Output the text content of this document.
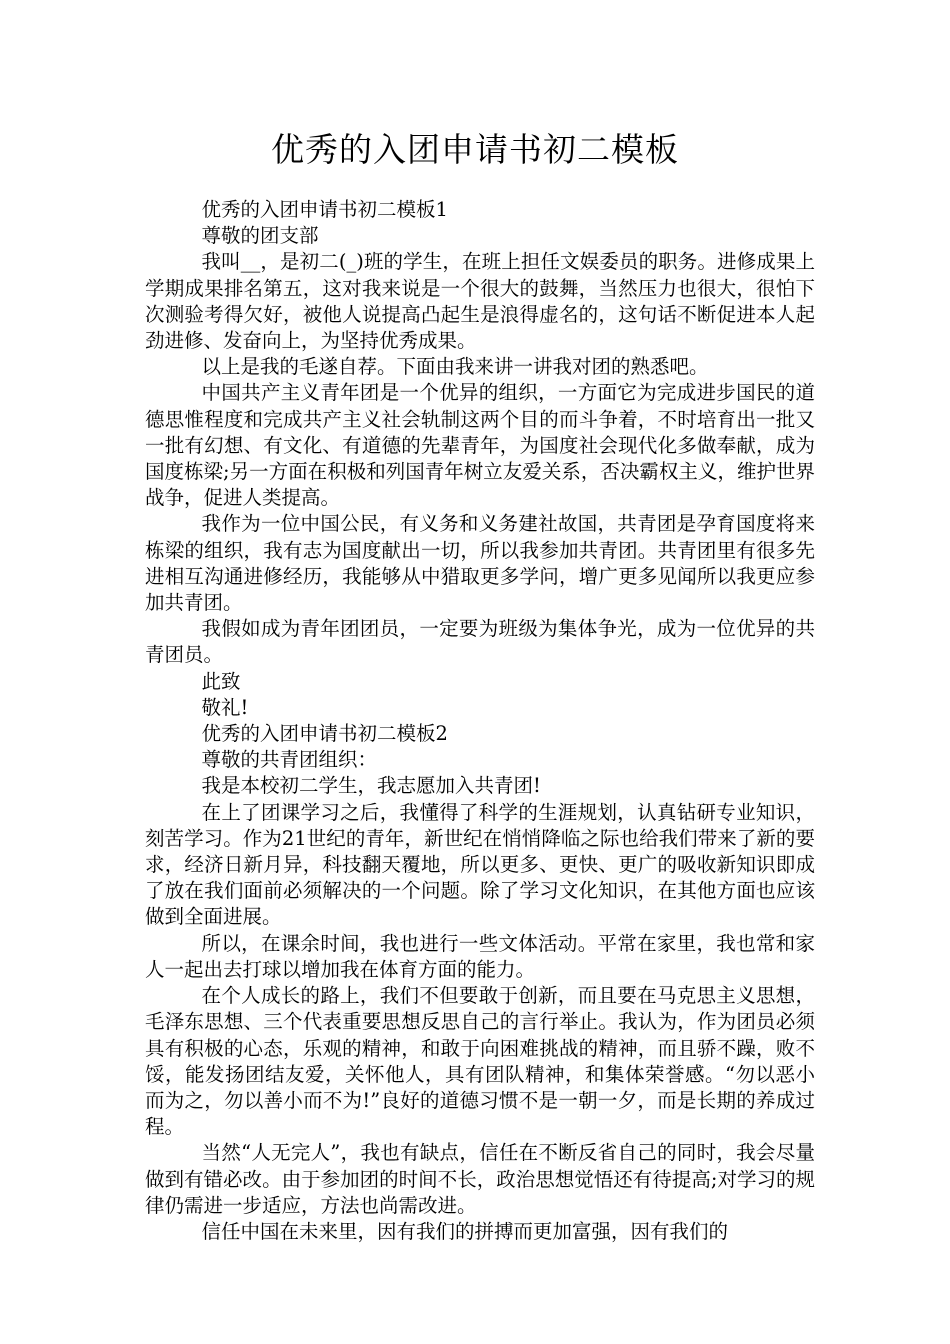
优秀的入团申请书初二模板

优秀的入团申请书初二模板1

尊敬的团支部

我叫__，是初二(_)班的学生，在班上担任文娱委员的职务。进修成果上学期成果排名第五，这对我来说是一个很大的鼓舞，当然压力也很大，很怕下次测验考得欠好，被他人说提高凸起生是浪得虚名的，这句话不断促进本人起劲进修、发奋向上，为坚持优秀成果。

以上是我的毛遂自荐。下面由我来讲一讲我对团的熟悉吧。

中国共产主义青年团是一个优异的组织，一方面它为完成进步国民的道德思惟程度和完成共产主义社会轨制这两个目的而斗争着，不时培育出一批又一批有幻想、有文化、有道德的先辈青年，为国度社会现代化多做奉献，成为国度栋梁;另一方面在积极和列国青年树立友爱关系，否决霸权主义，维护世界战争，促进人类提高。

我作为一位中国公民，有义务和义务建社故国，共青团是孕育国度将来栋梁的组织，我有志为国度献出一切，所以我参加共青团。共青团里有很多先进相互沟通进修经历，我能够从中猎取更多学问，增广更多见闻所以我更应参加共青团。

我假如成为青年团团员，一定要为班级为集体争光，成为一位优异的共青团员。

此致

敬礼!

优秀的入团申请书初二模板2

尊敬的共青团组织：

我是本校初二学生，我志愿加入共青团!

在上了团课学习之后，我懂得了科学的生涯规划，认真钻研专业知识，刻苦学习。作为21世纪的青年，新世纪在悄悄降临之际也给我们带来了新的要求，经济日新月异，科技翻天覆地，所以更多、更快、更广的吸收新知识即成了放在我们面前必须解决的一个问题。除了学习文化知识，在其他方面也应该做到全面进展。

所以，在课余时间，我也进行一些文体活动。平常在家里，我也常和家人一起出去打球以增加我在体育方面的能力。

在个人成长的路上，我们不但要敢于创新，而且要在马克思主义思想，毛泽东思想、三个代表重要思想反思自己的言行举止。我认为，作为团员必须具有积极的心态，乐观的精神，和敢于向困难挑战的精神，而且骄不躁，败不馁，能发扬团结友爱，关怀他人，具有团队精神，和集体荣誉感。“勿以恶小而为之，勿以善小而不为!”良好的道德习惯不是一朝一夕，而是长期的养成过程。

当然“人无完人”，我也有缺点，信任在不断反省自己的同时，我会尽量做到有错必改。由于参加团的时间不长，政治思想觉悟还有待提高;对学习的规律仍需进一步适应，方法也尚需改进。

信任中国在未来里，因有我们的拼搏而更加富强，因有我们的
